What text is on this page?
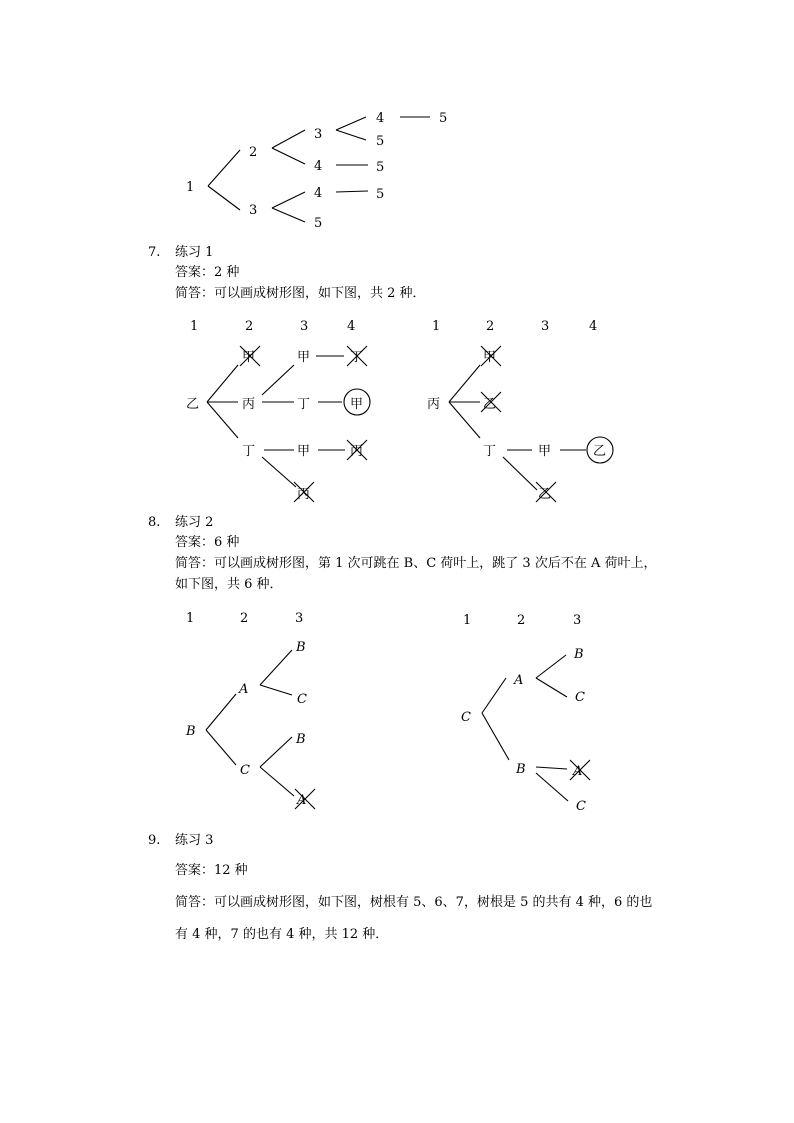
1
2
3
3
4
4
5
4
5
5
5
5
7. 练习 1
答案：2 种
简答：可以画成树形图，如下图，共 2 种．
1	2	3	4
乙
甲
丙
丁
甲
丁
甲
丙
丁
甲
丙
1	2	3	4
丙
甲
乙
丁	甲
乙
乙
8. 练习 2
答案：6 种
简答：可以画成树形图，第 1 次可跳在 B、C 荷叶上，跳了 3 次后不在 A 荷叶上，
如下图，共 6 种．
1	2	3
B
A
C
B
C
B
A
1	2	3
C
A
B
B
C
A
C
9. 练习 3
答案：12 种
简答：可以画成树形图，如下图，树根有 5、6、7，树根是 5 的共有 4 种，6 的也
有 4 种，7 的也有 4 种，共 12 种．
